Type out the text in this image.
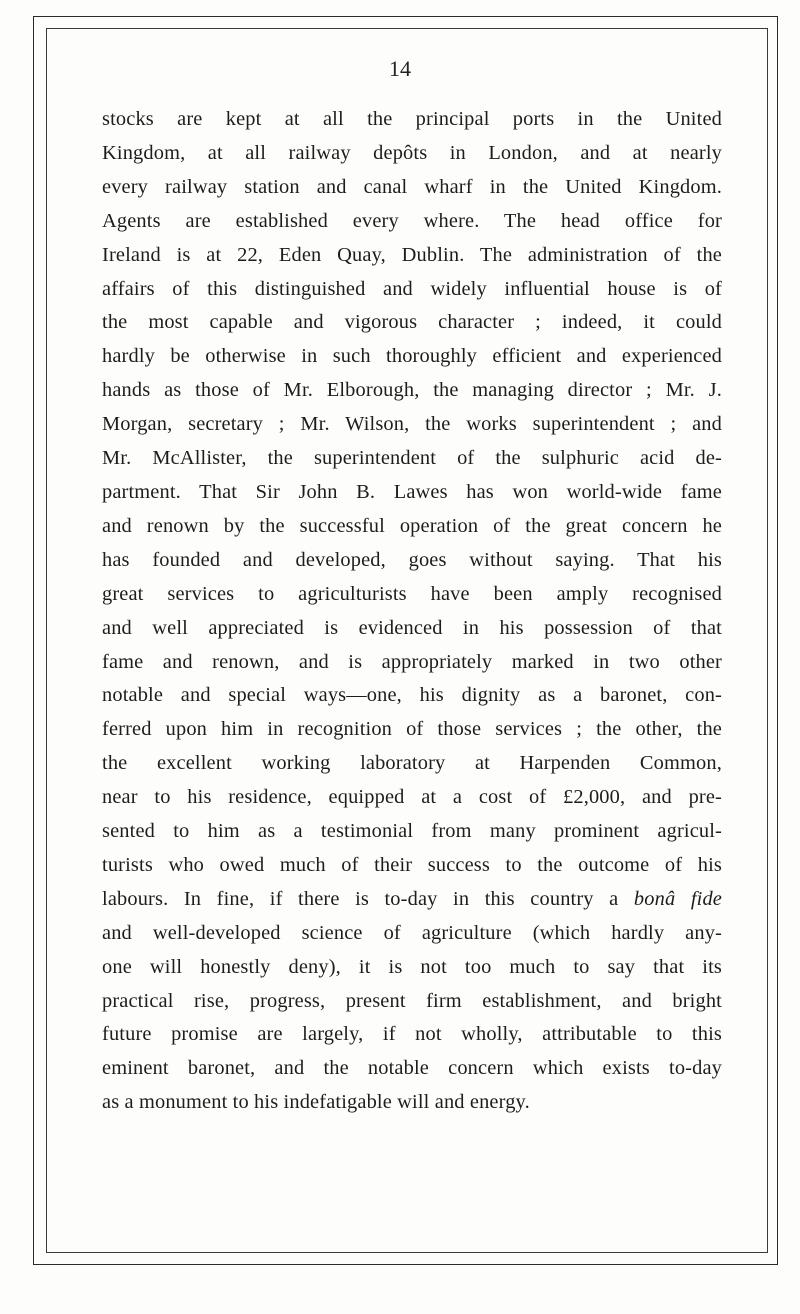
14
stocks are kept at all the principal ports in the United
Kingdom, at all railway depôts in London, and at nearly
every railway station and canal wharf in the United Kingdom.
Agents are established every where. The head office for
Ireland is at 22, Eden Quay, Dublin. The administration of the
affairs of this distinguished and widely influential house is of
the most capable and vigorous character ; indeed, it could
hardly be otherwise in such thoroughly efficient and experienced
hands as those of Mr. Elborough, the managing director ; Mr. J.
Morgan, secretary ; Mr. Wilson, the works superintendent ; and
Mr. McAllister, the superintendent of the sulphuric acid de-
partment. That Sir John B. Lawes has won world-wide fame
and renown by the successful operation of the great concern he
has founded and developed, goes without saying. That his
great services to agriculturists have been amply recognised
and well appreciated is evidenced in his possession of that
fame and renown, and is appropriately marked in two other
notable and special ways—one, his dignity as a baronet, con-
ferred upon him in recognition of those services ; the other, the
the excellent working laboratory at Harpenden Common,
near to his residence, equipped at a cost of £2,000, and pre-
sented to him as a testimonial from many prominent agricul-
turists who owed much of their success to the outcome of his
labours. In fine, if there is to-day in this country a bonâ fide
and well-developed science of agriculture (which hardly any-
one will honestly deny), it is not too much to say that its
practical rise, progress, present firm establishment, and bright
future promise are largely, if not wholly, attributable to this
eminent baronet, and the notable concern which exists to-day
as a monument to his indefatigable will and energy.
